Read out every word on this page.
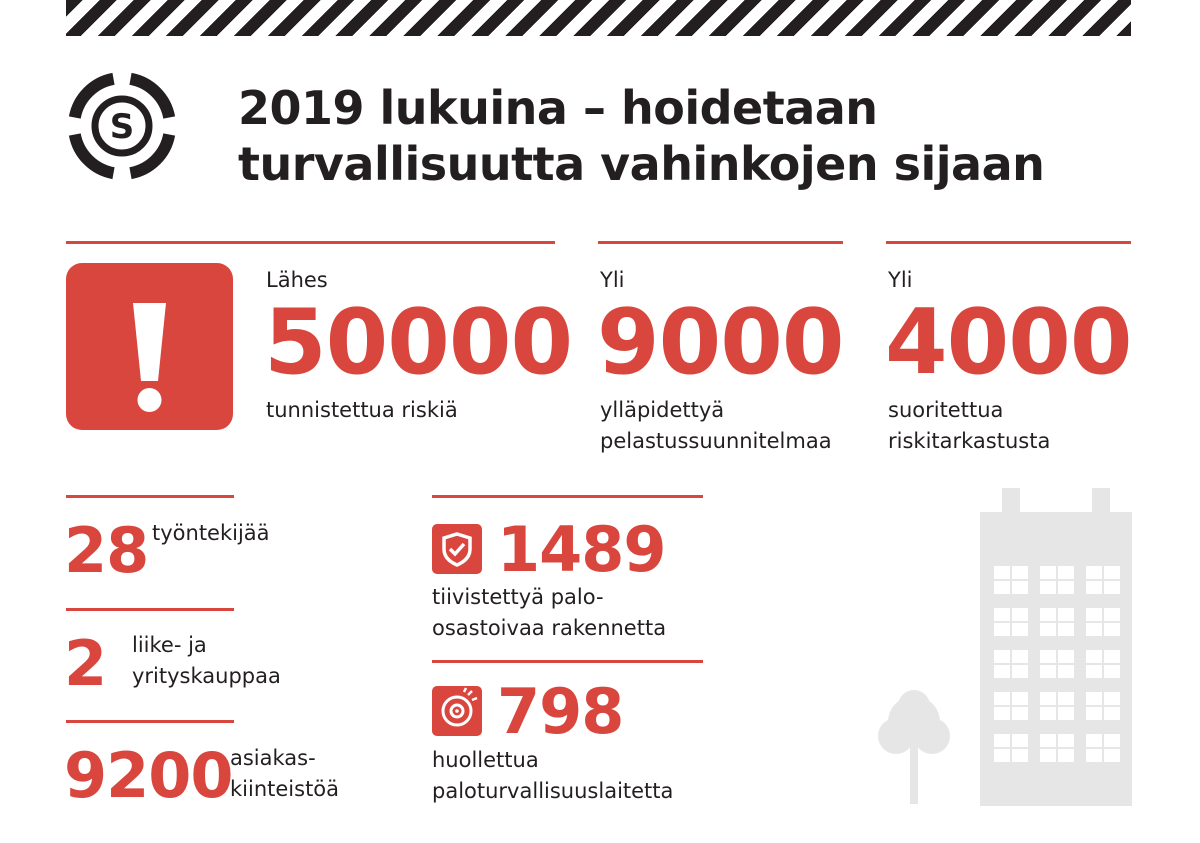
S 2019 lukuina – hoidetaan
turvallisuutta vahinkojen sijaan
Lähes
50000
tunnistettua riskiä
Yli
9000
ylläpidettyä
pelastussuunnitelmaa
Yli
4000
suoritettua
riskitarkastusta
28 työntekijää
2 liike- ja
yrityskauppaa
9200
asiakas-
kiinteistöä
1489
tiivistettyä palo-
osastoivaa rakennetta
798
huollettua
paloturvallisuuslaitetta
